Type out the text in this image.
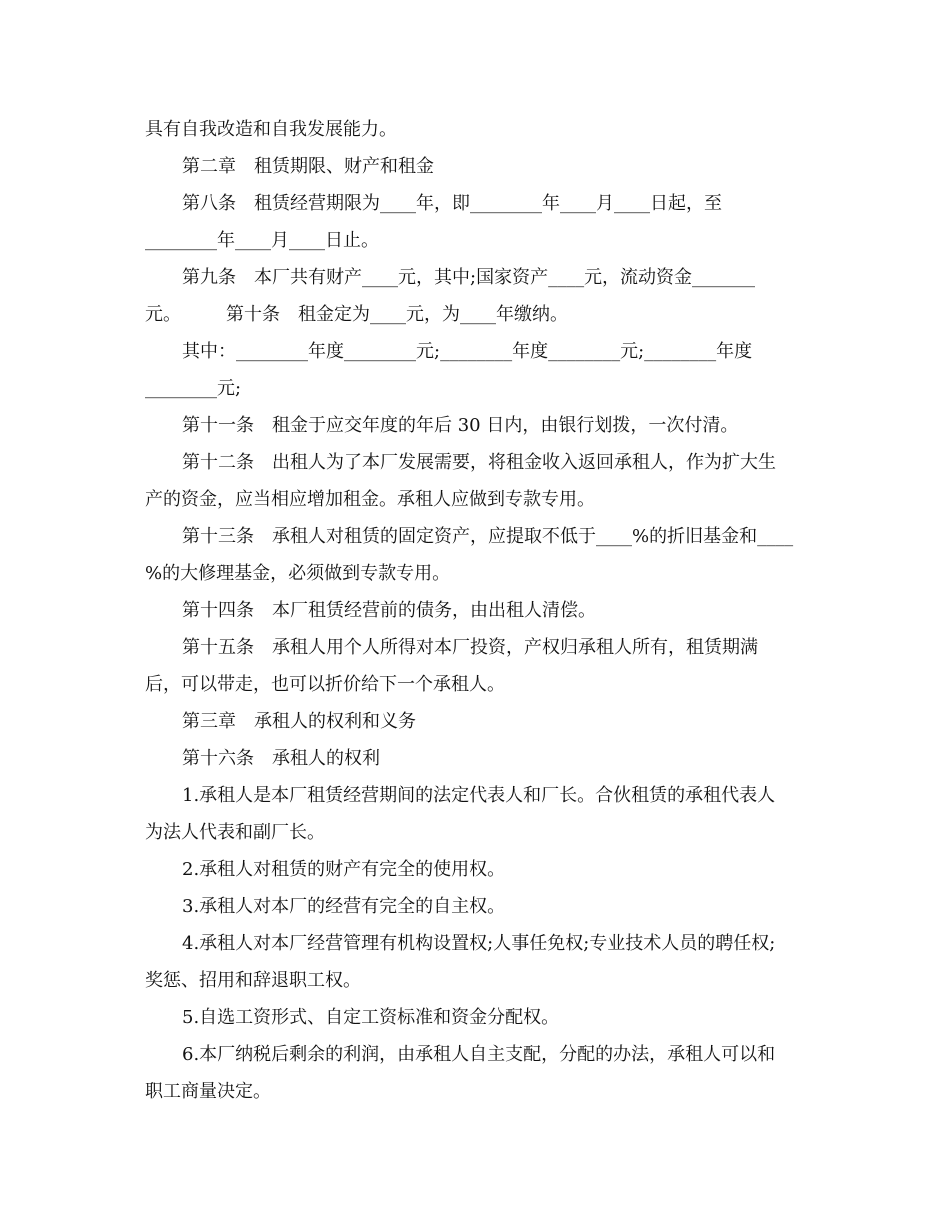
具有自我改造和自我发展能力。
第二章　租赁期限、财产和租金
第八条　租赁经营期限为____年，即________年____月____日起，至
________年____月____日止。
第九条　本厂共有财产____元，其中;国家资产____元，流动资金_______
元。　　　第十条　租金定为____元，为____年缴纳。
其中：________年度________元;________年度________元;________年度
________元;
第十一条　租金于应交年度的年后 30 日内，由银行划拨，一次付清。
第十二条　出租人为了本厂发展需要，将租金收入返回承租人，作为扩大生
产的资金，应当相应增加租金。承租人应做到专款专用。
第十三条　承租人对租赁的固定资产，应提取不低于____%的折旧基金和____
%的大修理基金，必须做到专款专用。
第十四条　本厂租赁经营前的债务，由出租人清偿。
第十五条　承租人用个人所得对本厂投资，产权归承租人所有，租赁期满
后，可以带走，也可以折价给下一个承租人。
第三章　承租人的权利和义务
第十六条　承租人的权利
1.承租人是本厂租赁经营期间的法定代表人和厂长。合伙租赁的承租代表人
为法人代表和副厂长。
2.承租人对租赁的财产有完全的使用权。
3.承租人对本厂的经营有完全的自主权。
4.承租人对本厂经营管理有机构设置权;人事任免权;专业技术人员的聘任权;
奖惩、招用和辞退职工权。
5.自选工资形式、自定工资标准和资金分配权。
6.本厂纳税后剩余的利润，由承租人自主支配，分配的办法，承租人可以和
职工商量决定。
